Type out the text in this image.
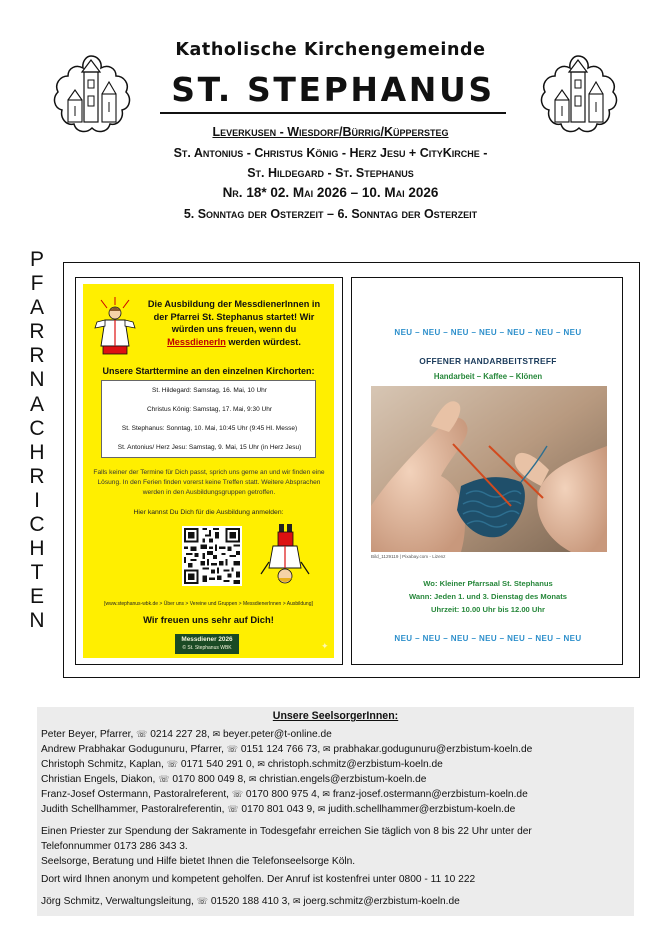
Katholische Kirchengemeinde
ST. STEPHANUS
Leverkusen - Wiesdorf/Bürrig/Küppersteg
St. Antonius - Christus König - Herz Jesu + CityKirche -
St. Hildegard - St. Stephanus
Nr. 18* 02. Mai 2026 – 10. Mai 2026
5. Sonntag der Osterzeit – 6. Sonntag der Osterzeit
P
F
A
R
R
N
A
C
H
R
I
C
H
T
E
N
Die Ausbildung der MessdienerInnen in der Pfarrei St. Stephanus startet! Wir würden uns freuen, wenn du
MessdienerIn werden würdest.
Unsere Starttermine an den einzelnen Kirchorten:
St. Hildegard: Samstag, 16. Mai, 10 Uhr
Christus König: Samstag, 17. Mai, 9:30 Uhr
St. Stephanus: Sonntag, 10. Mai, 10:45 Uhr (9:45 Hl. Messe)
St. Antonius/ Herz Jesu: Samstag, 9. Mai, 15 Uhr (in Herz Jesu)
Falls keiner der Termine für Dich passt, sprich uns gerne an und wir finden eine Lösung. In den Ferien finden vorerst keine Treffen statt. Weitere Absprachen werden in den Ausbildungsgruppen getroffen.
Hier kannst Du Dich für die Ausbildung anmelden:
[www.stephanus-wbk.de > Über uns > Vereine und Gruppen > MessdienerInnen > Ausbildung]
Wir freuen uns sehr auf Dich!
Messdiener 2026
© St. Stephanus WBK	✦
NEU – NEU – NEU – NEU – NEU – NEU – NEU
OFFENER HANDARBEITSTREFF
Handarbeit – Kaffee – Klönen
Bild_1129119 | Pixabay.com - Lizenz
Wo: Kleiner Pfarrsaal St. Stephanus
Wann: Jeden 1. und 3. Dienstag des Monats
Uhrzeit: 10.00 Uhr bis 12.00 Uhr
NEU – NEU – NEU – NEU – NEU – NEU – NEU
Unsere SeelsorgerInnen:
Peter Beyer, Pfarrer, ☏ 0214 227 28, ✉ beyer.peter@t-online.de
Andrew Prabhakar Godugunuru, Pfarrer, ☏ 0151 124 766 73, ✉ prabhakar.godugunuru@erzbistum-koeln.de
Christoph Schmitz, Kaplan, ☏ 0171 540 291 0, ✉ christoph.schmitz@erzbistum-koeln.de
Christian Engels, Diakon, ☏ 0170 800 049 8, ✉ christian.engels@erzbistum-koeln.de
Franz-Josef Ostermann, Pastoralreferent, ☏ 0170 800 975 4, ✉ franz-josef.ostermann@erzbistum-koeln.de
Judith Schellhammer, Pastoralreferentin, ☏ 0170 801 043 9, ✉ judith.schellhammer@erzbistum-koeln.de
Einen Priester zur Spendung der Sakramente in Todesgefahr erreichen Sie täglich von 8 bis 22 Uhr unter der
Telefonnummer 0173 286 343 3.
Seelsorge, Beratung und Hilfe bietet Ihnen die Telefonseelsorge Köln.
Dort wird Ihnen anonym und kompetent geholfen. Der Anruf ist kostenfrei unter 0800 - 11 10 222
Jörg Schmitz, Verwaltungsleitung, ☏ 01520 188 410 3, ✉ joerg.schmitz@erzbistum-koeln.de
